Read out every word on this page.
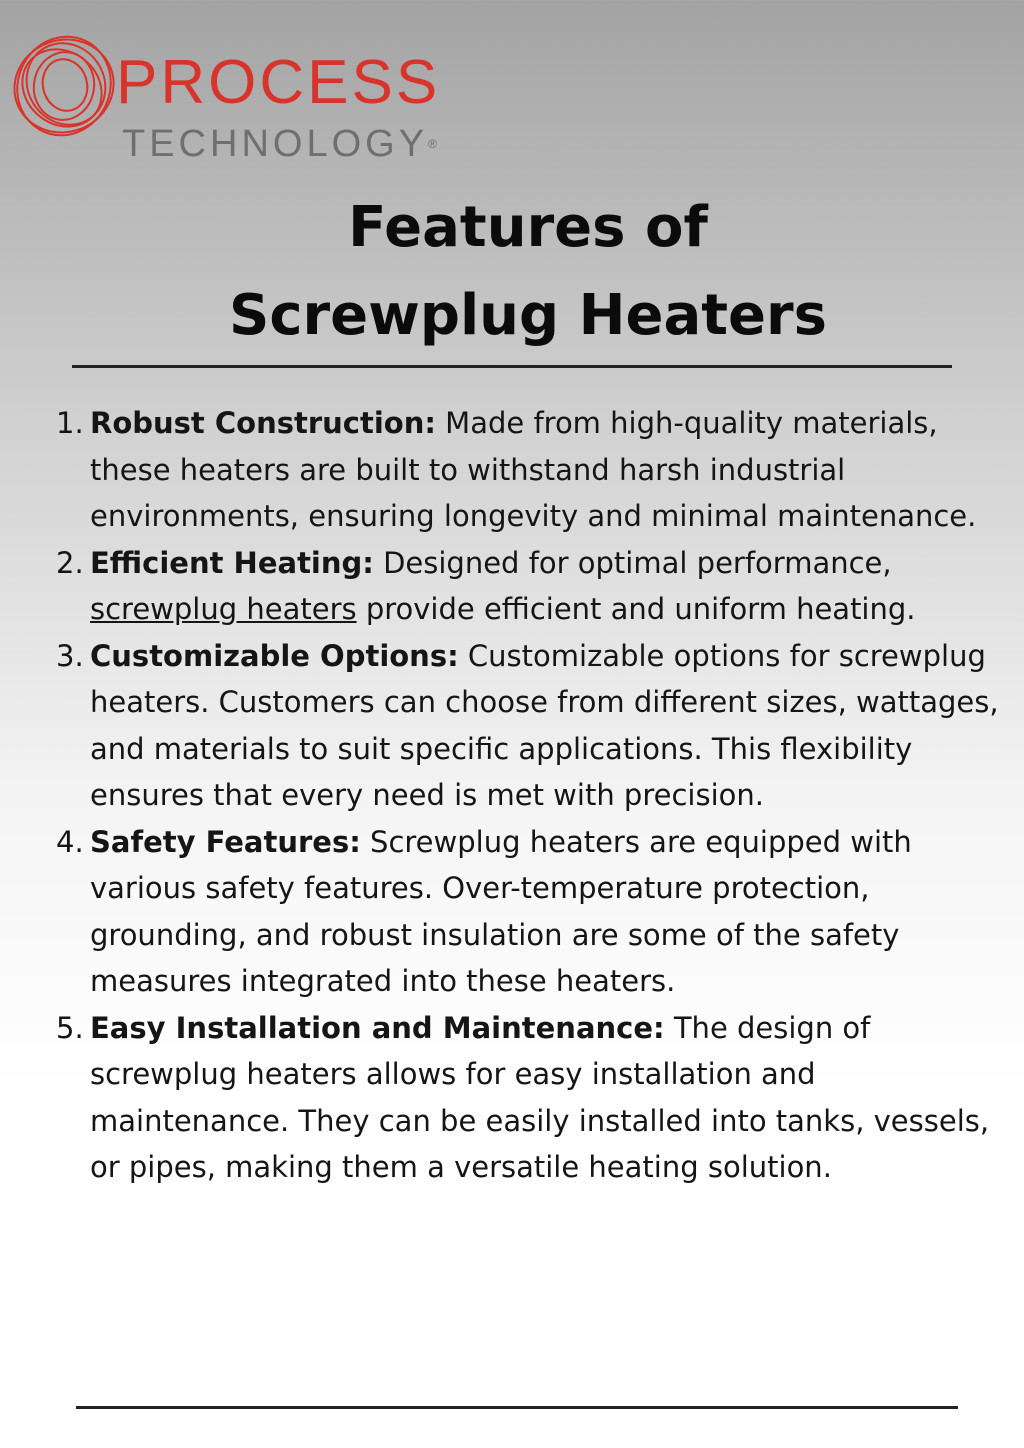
PROCESS
TECHNOLOGY®
Features of
Screwplug Heaters
1. Robust Construction: Made from high-quality materials, these heaters are built to withstand harsh industrial environments, ensuring longevity and minimal maintenance.
2. Efficient Heating: Designed for optimal performance, screwplug heaters provide efficient and uniform heating.
3. Customizable Options: Customizable options for screwplug heaters. Customers can choose from different sizes, wattages, and materials to suit specific applications. This flexibility ensures that every need is met with precision.
4. Safety Features: Screwplug heaters are equipped with various safety features. Over-temperature protection, grounding, and robust insulation are some of the safety measures integrated into these heaters.
5. Easy Installation and Maintenance: The design of screwplug heaters allows for easy installation and maintenance. They can be easily installed into tanks, vessels, or pipes, making them a versatile heating solution.
